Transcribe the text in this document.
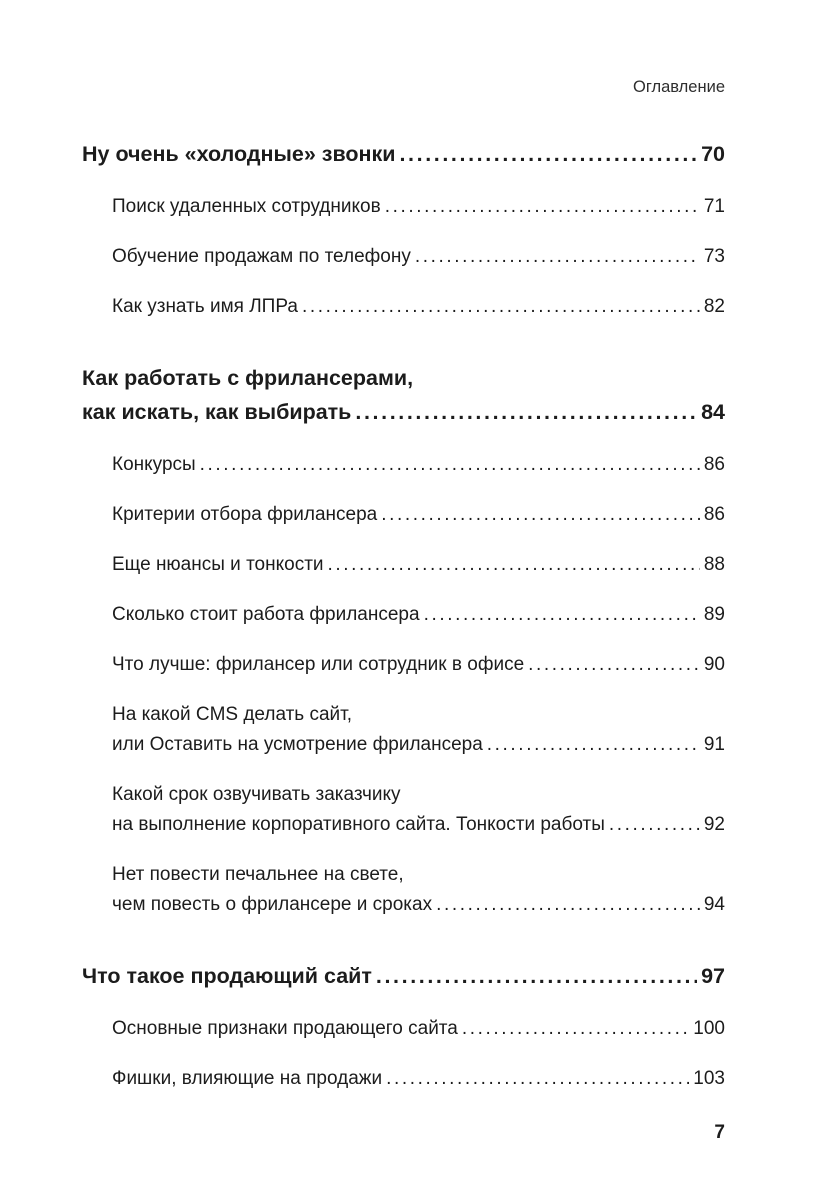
Оглавление
Ну очень «холодные» звонки .....	70
Поиск удаленных сотрудников .....	71
Обучение продажам по телефону .....	73
Как узнать имя ЛПРа .....	82
Как работать с фрилансерами,
как искать, как выбирать .....	84
Конкурсы .....	86
Критерии отбора фрилансера .....	86
Еще нюансы и тонкости .....	88
Сколько стоит работа фрилансера .....	89
Что лучше: фрилансер или сотрудник в офисе .....	90
На какой CMS делать сайт,
или Оставить на усмотрение фрилансера .....	91
Какой срок озвучивать заказчику
на выполнение корпоративного сайта. Тонкости работы .....	92
Нет повести печальнее на свете,
чем повесть о фрилансере и сроках .....	94
Что такое продающий сайт .....	97
Основные признаки продающего сайта .....	100
Фишки, влияющие на продажи .....	103
7
